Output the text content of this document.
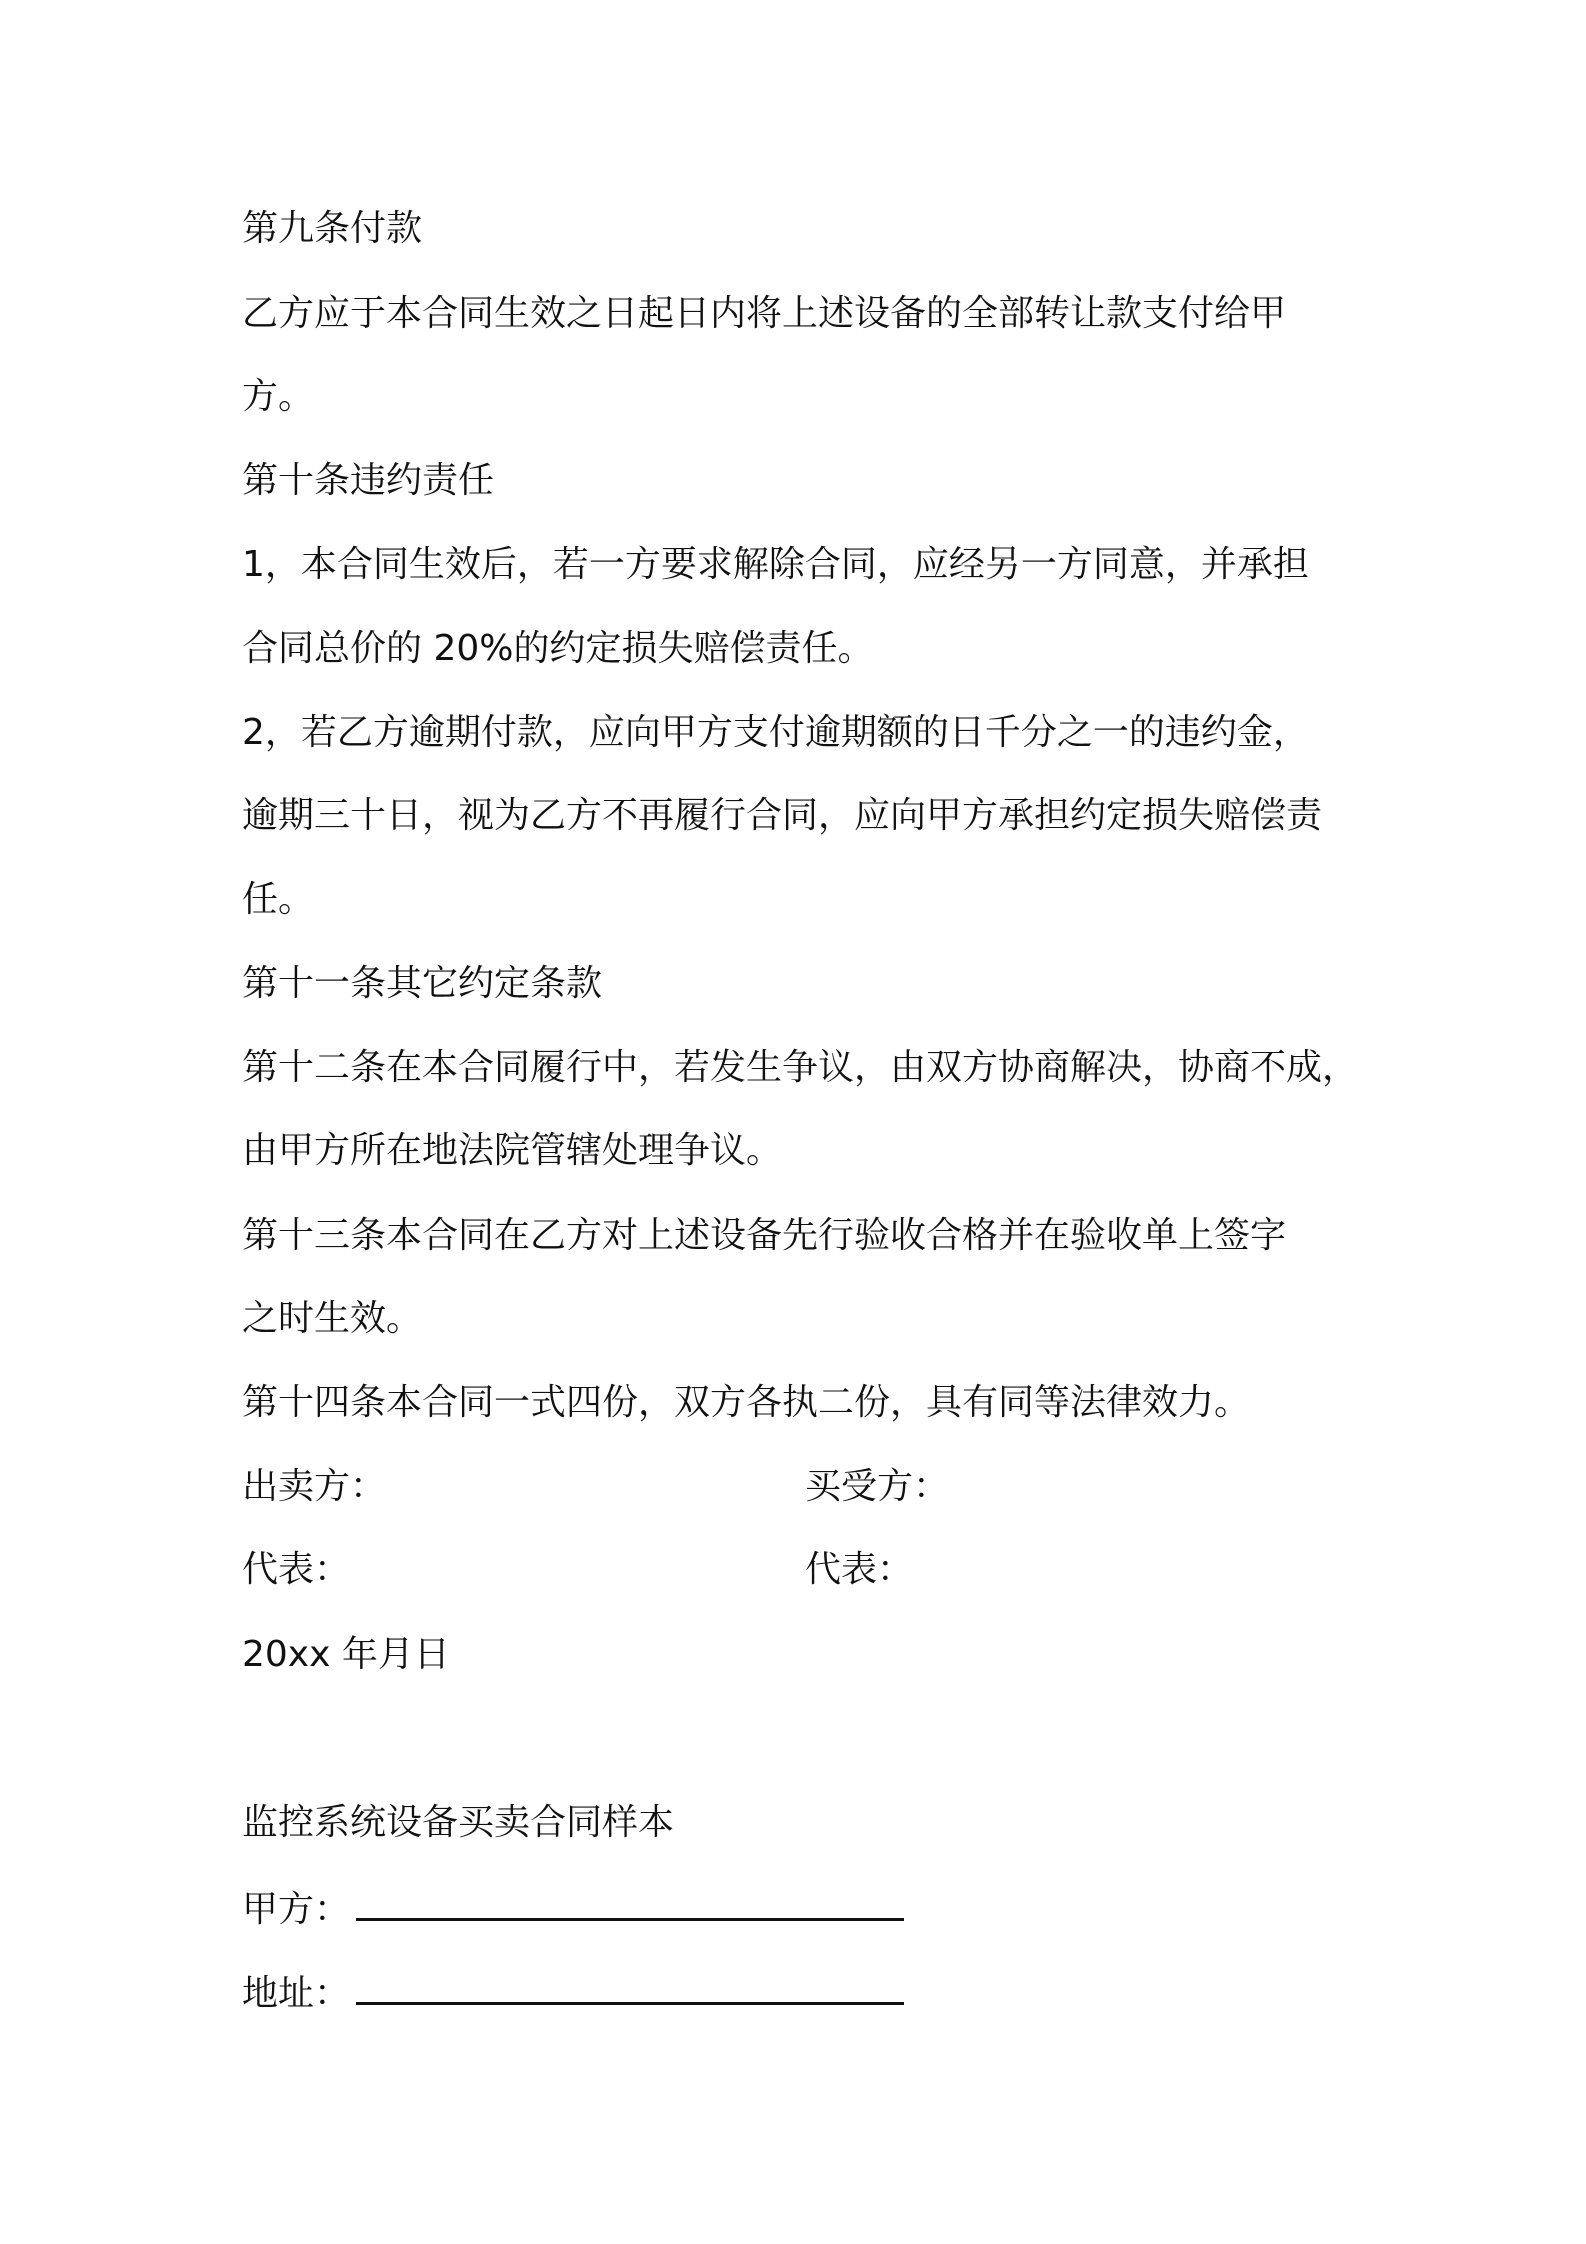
第九条付款
乙方应于本合同生效之日起日内将上述设备的全部转让款支付给甲
方。
第十条违约责任
1，本合同生效后，若一方要求解除合同，应经另一方同意，并承担
合同总价的 20%的约定损失赔偿责任。
2，若乙方逾期付款，应向甲方支付逾期额的日千分之一的违约金，
逾期三十日，视为乙方不再履行合同，应向甲方承担约定损失赔偿责
任。
第十一条其它约定条款
第十二条在本合同履行中，若发生争议，由双方协商解决，协商不成，
由甲方所在地法院管辖处理争议。
第十三条本合同在乙方对上述设备先行验收合格并在验收单上签字
之时生效。
第十四条本合同一式四份，双方各执二份，具有同等法律效力。
出卖方：	买受方：
代表：	代表：
20xx 年月日
监控系统设备买卖合同样本
甲方：
地址：
